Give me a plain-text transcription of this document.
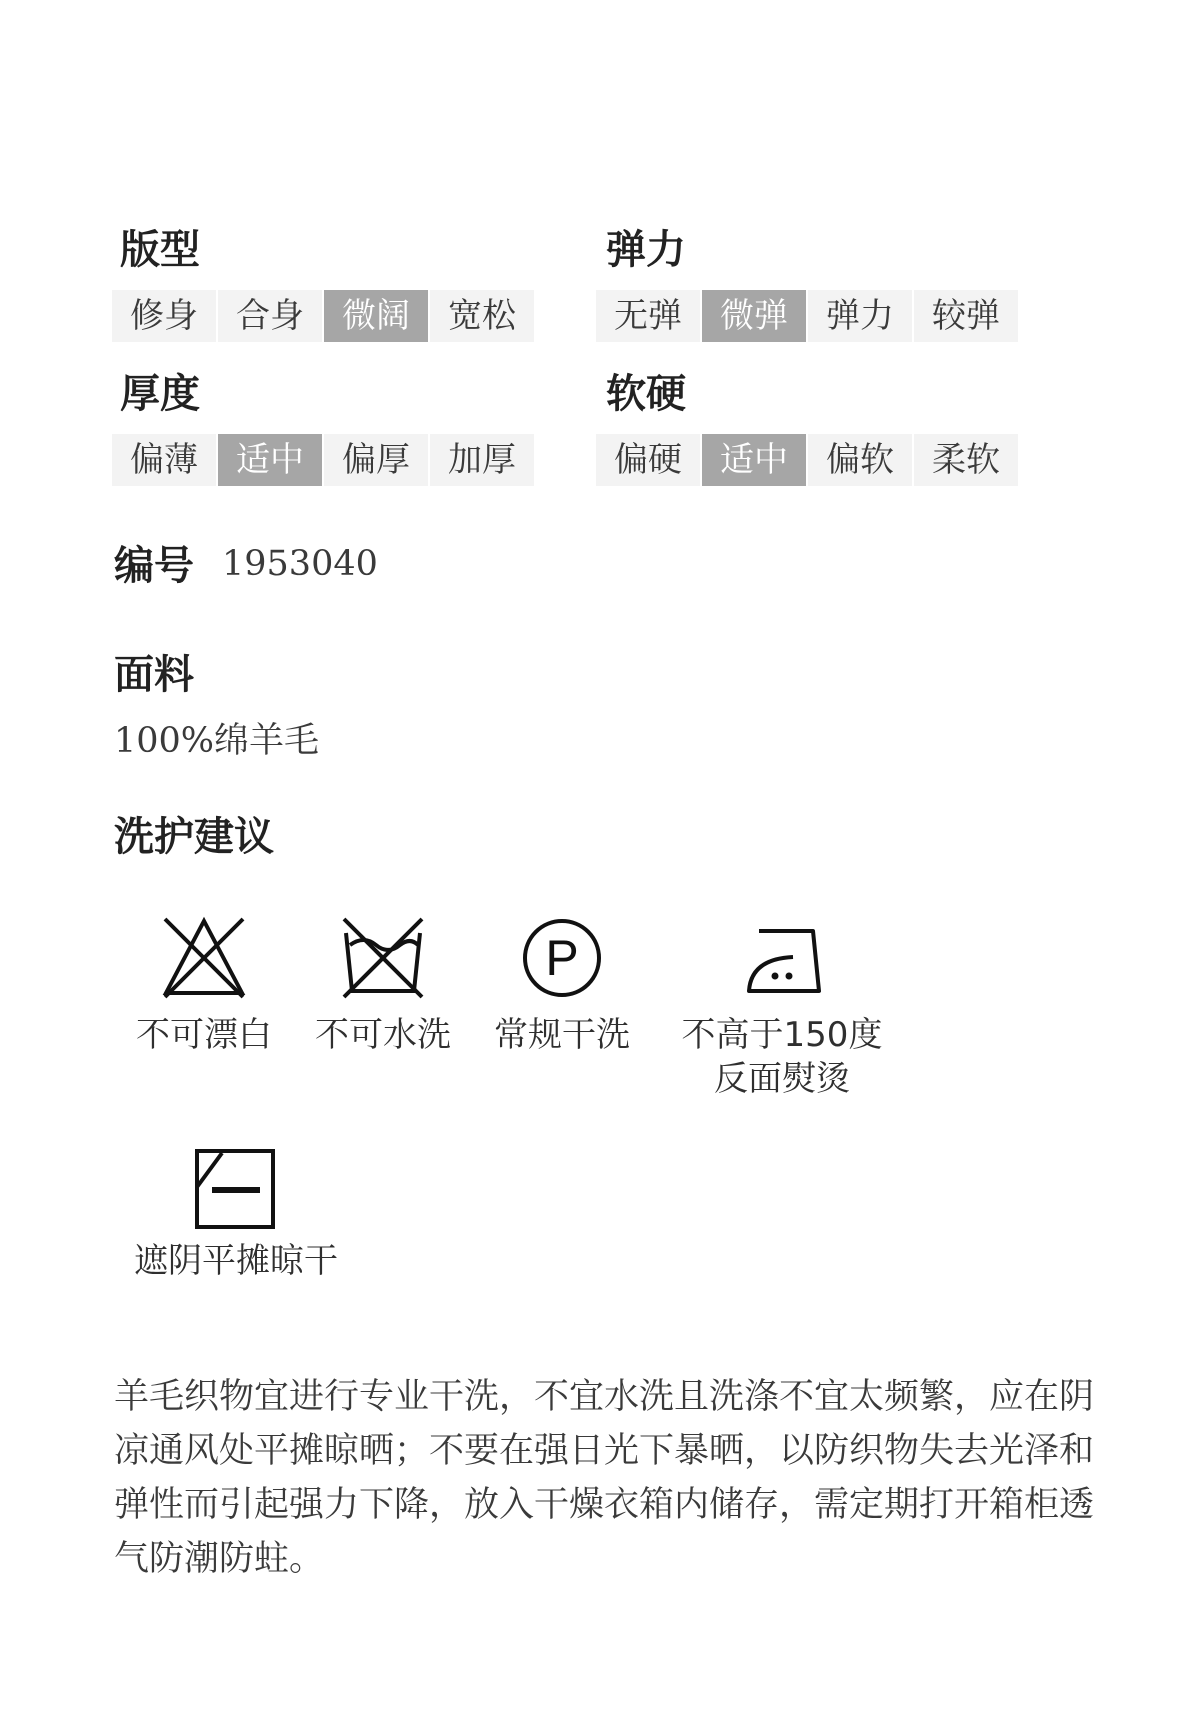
版型
修身	合身	微阔	宽松
弹力
无弹	微弹	弹力	较弹
厚度
偏薄	适中	偏厚	加厚
软硬
偏硬	适中	偏软	柔软
编号 1953040
面料
100%绵羊毛
洗护建议
不可漂白	不可水洗
P
常规干洗	不高于150度
反面熨烫
遮阴平摊晾干
羊毛织物宜进行专业干洗，不宜水洗且洗涤不宜太频繁，应在阴凉通风处平摊晾晒；不要在强日光下暴晒，以防织物失去光泽和弹性而引起强力下降，放入干燥衣箱内储存，需定期打开箱柜透气防潮防蛀。
